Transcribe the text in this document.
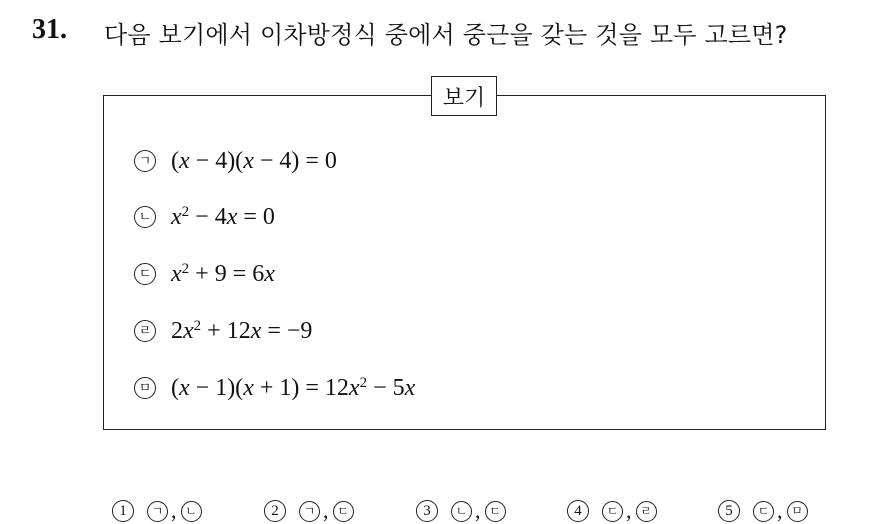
31. 다음 보기에서 이차방정식 중에서 중근을 갖는 것을 모두 고르면?
보기
ㄱ (x − 4)(x − 4) = 0
ㄴ $x^2 - 4x = 0$
ㄷ $x^2 + 9 = 6x$
ㄹ $2x^2 + 12x = -9$
ㅁ $(x - 1)(x + 1) = 12x^2 - 5x$
1	ㄱ , ㄴ	2	ㄱ , ㄷ	3	ㄴ , ㄷ	4	ㄷ , ㄹ	5	ㄷ , ㅁ
